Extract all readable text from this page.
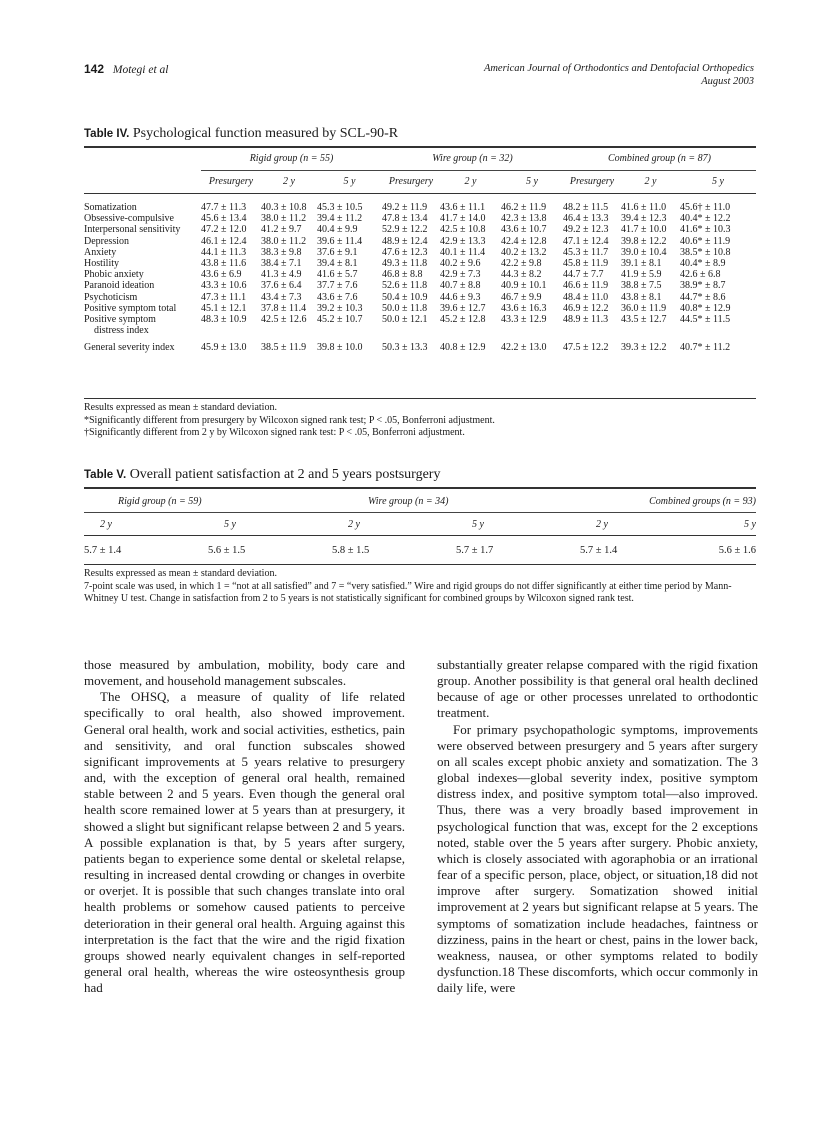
142 Motegi et al	American Journal of Orthodontics and Dentofacial Orthopedics
August 2003
Table IV. Psychological function measured by SCL-90-R
	Rigid group (n = 55)			Wire group (n = 32)			Combined group (n = 87)		
	Presurgery	2 y	5 y	Presurgery	2 y	5 y	Presurgery	2 y	5 y

Somatization	47.7 ± 11.3	40.3 ± 10.8	45.3 ± 10.5	49.2 ± 11.9	43.6 ± 11.1	46.2 ± 11.9	48.2 ± 11.5	41.6 ± 11.0	45.6† ± 11.0

Obsessive-compulsive	45.6 ± 13.4	38.0 ± 11.2	39.4 ± 11.2	47.8 ± 13.4	41.7 ± 14.0	42.3 ± 13.8	46.4 ± 13.3	39.4 ± 12.3	40.4* ± 12.2

Interpersonal sensitivity	47.2 ± 12.0	41.2 ± 9.7	40.4 ± 9.9	52.9 ± 12.2	42.5 ± 10.8	43.6 ± 10.7	49.2 ± 12.3	41.7 ± 10.0	41.6* ± 10.3

Depression	46.1 ± 12.4	38.0 ± 11.2	39.6 ± 11.4	48.9 ± 12.4	42.9 ± 13.3	42.4 ± 12.8	47.1 ± 12.4	39.8 ± 12.2	40.6* ± 11.9

Anxiety	44.1 ± 11.3	38.3 ± 9.8	37.6 ± 9.1	47.6 ± 12.3	40.1 ± 11.4	40.2 ± 13.2	45.3 ± 11.7	39.0 ± 10.4	38.5* ± 10.8

Hostility	43.8 ± 11.6	38.4 ± 7.1	39.4 ± 8.1	49.3 ± 11.8	40.2 ± 9.6	42.2 ± 9.8	45.8 ± 11.9	39.1 ± 8.1	40.4* ± 8.9

Phobic anxiety	43.6 ± 6.9	41.3 ± 4.9	41.6 ± 5.7	46.8 ± 8.8	42.9 ± 7.3	44.3 ± 8.2	44.7 ± 7.7	41.9 ± 5.9	42.6 ± 6.8

Paranoid ideation	43.3 ± 10.6	37.6 ± 6.4	37.7 ± 7.6	52.6 ± 11.8	40.7 ± 8.8	40.9 ± 10.1	46.6 ± 11.9	38.8 ± 7.5	38.9* ± 8.7

Psychoticism	47.3 ± 11.1	43.4 ± 7.3	43.6 ± 7.6	50.4 ± 10.9	44.6 ± 9.3	46.7 ± 9.9	48.4 ± 11.0	43.8 ± 8.1	44.7* ± 8.6

Positive symptom total	45.1 ± 12.1	37.8 ± 11.4	39.2 ± 10.3	50.0 ± 11.8	39.6 ± 12.7	43.6 ± 16.3	46.9 ± 12.2	36.0 ± 11.9	40.8* ± 12.9

Positive symptom
distress index	48.3 ± 10.9	42.5 ± 12.6	45.2 ± 10.7	50.0 ± 12.1	45.2 ± 12.8	43.3 ± 12.9	48.9 ± 11.3	43.5 ± 12.7	44.5* ± 11.5

General severity index	45.9 ± 13.0	38.5 ± 11.9	39.8 ± 10.0	50.3 ± 13.3	40.8 ± 12.9	42.2 ± 13.0	47.5 ± 12.2	39.3 ± 12.2	40.7* ± 11.2
Results expressed as mean ± standard deviation.
*Significantly different from presurgery by Wilcoxon signed rank test; P < .05, Bonferroni adjustment.
†Significantly different from 2 y by Wilcoxon signed rank test: P < .05, Bonferroni adjustment.
Table V. Overall patient satisfaction at 2 and 5 years postsurgery
Rigid group (n = 59)		Wire group (n = 34)		Combined groups (n = 93)	
2 y	5 y	2 y	5 y	2 y	5 y
5.7 ± 1.4	5.6 ± 1.5	5.8 ± 1.5	5.7 ± 1.7	5.7 ± 1.4	5.6 ± 1.6
Results expressed as mean ± standard deviation.
7-point scale was used, in which 1 = “not at all satisfied” and 7 = “very satisfied.” Wire and rigid groups do not differ significantly at either time period by Mann-Whitney U test. Change in satisfaction from 2 to 5 years is not statistically significant for combined groups by Wilcoxon signed rank test.

those measured by ambulation, mobility, body care and movement, and household management subscales.

The OHSQ, a measure of quality of life related specifically to oral health, also showed improvement. General oral health, work and social activities, esthetics, pain and sensitivity, and oral function subscales showed significant improvements at 5 years relative to presurgery and, with the exception of general oral health, remained stable between 2 and 5 years. Even though the general oral health score remained lower at 5 years than at presurgery, it showed a slight but significant relapse between 2 and 5 years. A possible explanation is that, by 5 years after surgery, patients began to experience some dental or skeletal relapse, resulting in increased dental crowding or changes in overbite or overjet. It is possible that such changes translate into oral health problems or somehow caused patients to perceive deterioration in their general oral health. Arguing against this interpretation is the fact that the wire and the rigid fixation groups showed nearly equivalent changes in self-reported general oral health, whereas the wire osteosynthesis group had

substantially greater relapse compared with the rigid fixation group. Another possibility is that general oral health declined because of age or other processes unrelated to orthodontic treatment.

For primary psychopathologic symptoms, improvements were observed between presurgery and 5 years after surgery on all scales except phobic anxiety and somatization. The 3 global indexes—global severity index, positive symptom distress index, and positive symptom total—also improved. Thus, there was a very broadly based improvement in psychological function that was, except for the 2 exceptions noted, stable over the 5 years after surgery. Phobic anxiety, which is closely associated with agoraphobia or an irrational fear of a specific person, place, object, or situation,18 did not improve after surgery. Somatization showed initial improvement at 2 years but significant relapse at 5 years. The symptoms of somatization include headaches, faintness or dizziness, pains in the heart or chest, pains in the lower back, weakness, nausea, or other symptoms related to bodily dysfunction.18 These discomforts, which occur commonly in daily life, were
